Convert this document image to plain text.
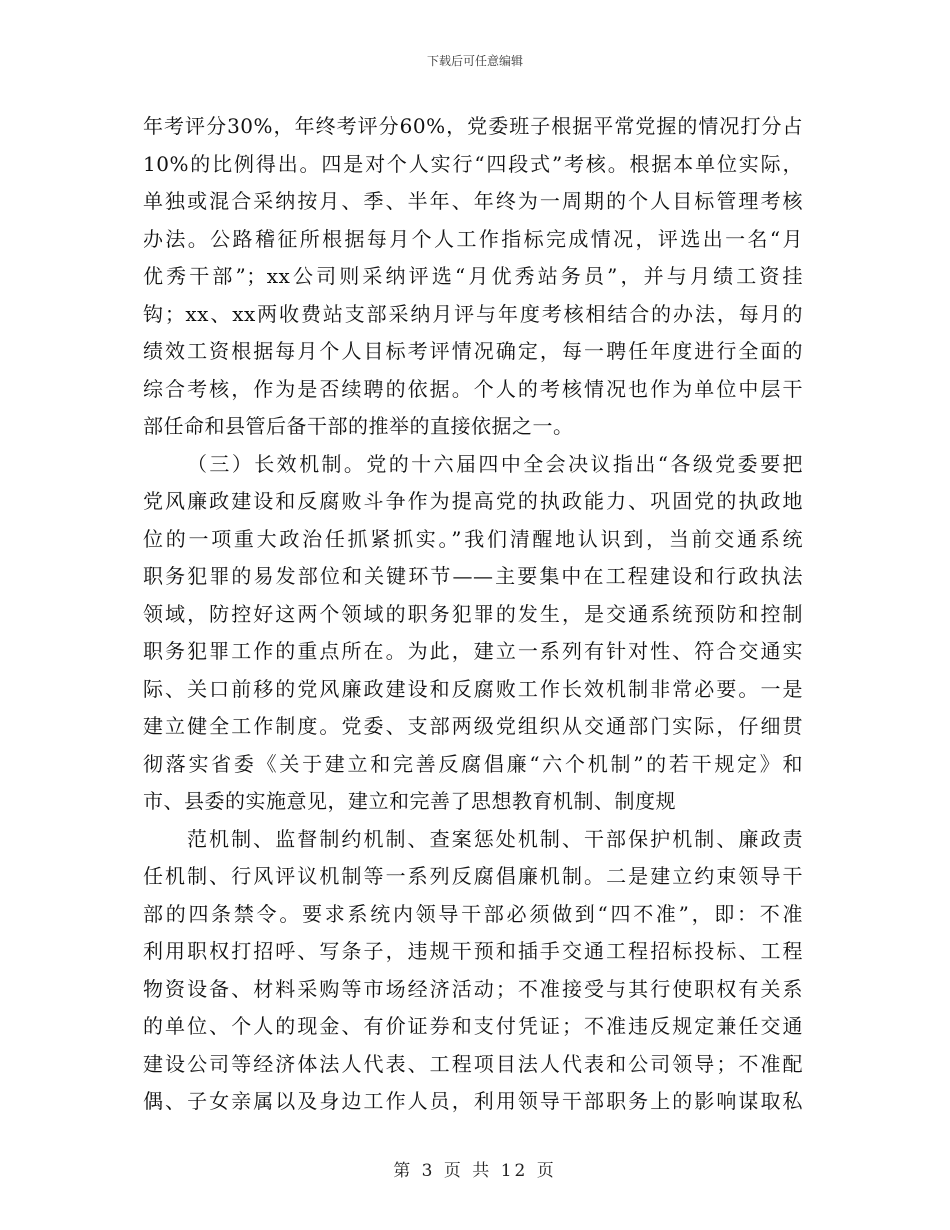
下载后可任意编辑
年考评分30%，年终考评分60%，党委班子根据平常党握的情况打分占
10%的比例得出。四是对个人实行“四段式”考核。根据本单位实际，
单独或混合采纳按月、季、半年、年终为一周期的个人目标管理考核
办法。公路稽征所根据每月个人工作指标完成情况，评选出一名“月
优秀干部”；xx公司则采纳评选“月优秀站务员”，并与月绩工资挂
钩；xx、xx两收费站支部采纳月评与年度考核相结合的办法，每月的
绩效工资根据每月个人目标考评情况确定，每一聘任年度进行全面的
综合考核，作为是否续聘的依据。个人的考核情况也作为单位中层干
部任命和县管后备干部的推举的直接依据之一。
（三）长效机制。党的十六届四中全会决议指出“各级党委要把
党风廉政建设和反腐败斗争作为提高党的执政能力、巩固党的执政地
位的一项重大政治任抓紧抓实。”我们清醒地认识到，当前交通系统
职务犯罪的易发部位和关键环节——主要集中在工程建设和行政执法
领域，防控好这两个领域的职务犯罪的发生，是交通系统预防和控制
职务犯罪工作的重点所在。为此，建立一系列有针对性、符合交通实
际、关口前移的党风廉政建设和反腐败工作长效机制非常必要。一是
建立健全工作制度。党委、支部两级党组织从交通部门实际，仔细贯
彻落实省委《关于建立和完善反腐倡廉“六个机制”的若干规定》和
市、县委的实施意见，建立和完善了思想教育机制、制度规
范机制、监督制约机制、查案惩处机制、干部保护机制、廉政责
任机制、行风评议机制等一系列反腐倡廉机制。二是建立约束领导干
部的四条禁令。要求系统内领导干部必须做到“四不准”，即：不准
利用职权打招呼、写条子，违规干预和插手交通工程招标投标、工程
物资设备、材料采购等市场经济活动；不准接受与其行使职权有关系
的单位、个人的现金、有价证券和支付凭证；不准违反规定兼任交通
建设公司等经济体法人代表、工程项目法人代表和公司领导；不准配
偶、子女亲属以及身边工作人员，利用领导干部职务上的影响谋取私
第 3 页 共 12 页
